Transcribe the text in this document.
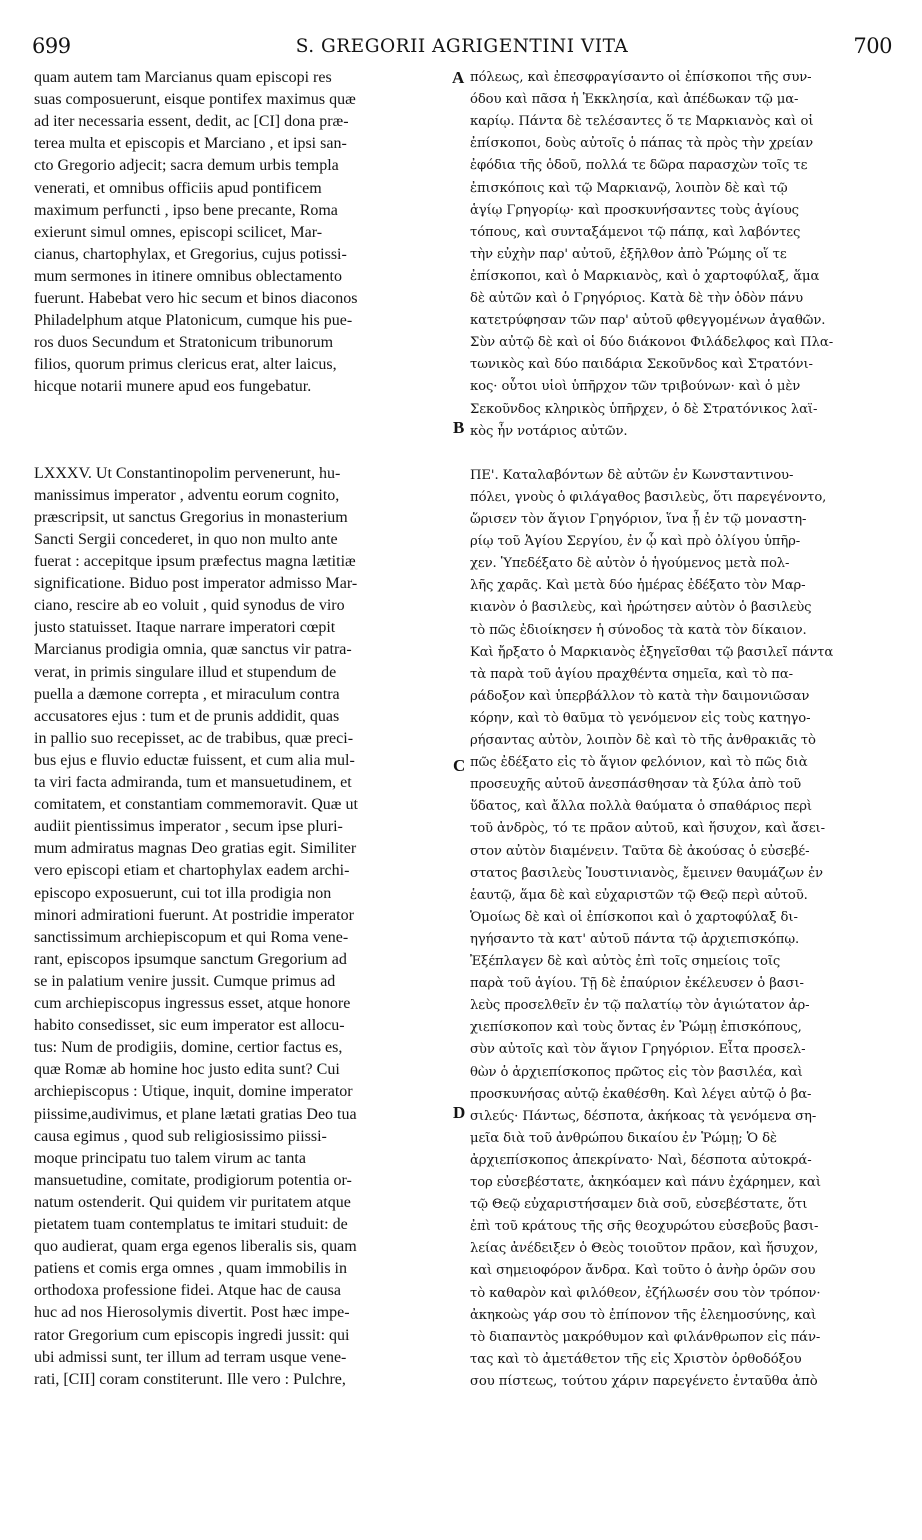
699	S. GREGORII AGRIGENTINI VITA	700
quam autem tam Marcianus quam episcopi res
suas composuerunt, eisque pontifex maximus quæ
ad iter necessaria essent, dedit, ac [CI] dona præ-
terea multa et episcopis et Marciano , et ipsi san-
cto Gregorio adjecit; sacra demum urbis templa
venerati, et omnibus officiis apud pontificem
maximum perfuncti , ipso bene precante, Roma
exierunt simul omnes, episcopi scilicet, Mar-
cianus, chartophylax, et Gregorius, cujus potissi-
mum sermones in itinere omnibus oblectamento
fuerunt. Habebat vero hic secum et binos diaconos
Philadelphum atque Platonicum, cumque his pue-
ros duos Secundum et Stratonicum tribunorum
filios, quorum primus clericus erat, alter laicus,
hicque notarii munere apud eos fungebatur.
LXXXV. Ut Constantinopolim pervenerunt, hu-
manissimus imperator , adventu eorum cognito,
præscripsit, ut sanctus Gregorius in monasterium
Sancti Sergii concederet, in quo non multo ante
fuerat : accepitque ipsum præfectus magna lætitiæ
significatione. Biduo post imperator admisso Mar-
ciano, rescire ab eo voluit , quid synodus de viro
justo statuisset. Itaque narrare imperatori cœpit
Marcianus prodigia omnia, quæ sanctus vir patra-
verat, in primis singulare illud et stupendum de
puella a dæmone correpta , et miraculum contra
accusatores ejus : tum et de prunis addidit, quas
in pallio suo recepisset, ac de trabibus, quæ preci-
bus ejus e fluvio eductæ fuissent, et cum alia mul-
ta viri facta admiranda, tum et mansuetudinem, et
comitatem, et constantiam commemoravit. Quæ ut
audiit pientissimus imperator , secum ipse pluri-
mum admiratus magnas Deo gratias egit. Similiter
vero episcopi etiam et chartophylax eadem archi-
episcopo exposuerunt, cui tot illa prodigia non
minori admirationi fuerunt. At postridie imperator
sanctissimum archiepiscopum et qui Roma vene-
rant, episcopos ipsumque sanctum Gregorium ad
se in palatium venire jussit. Cumque primus ad
cum archiepiscopus ingressus esset, atque honore
habito consedisset, sic eum imperator est allocu-
tus: Num de prodigiis, domine, certior factus es,
quæ Romæ ab homine hoc justo edita sunt? Cui
archiepiscopus : Utique, inquit, domine imperator
piissime,audivimus, et plane lætati gratias Deo tua
causa egimus , quod sub religiosissimo piissi-
moque principatu tuo talem virum ac tanta
mansuetudine, comitate, prodigiorum potentia or-
natum ostenderit. Qui quidem vir puritatem atque
pietatem tuam contemplatus te imitari studuit: de
quo audierat, quam erga egenos liberalis sis, quam
patiens et comis erga omnes , quam immobilis in
orthodoxa professione fidei. Atque hac de causa
huc ad nos Hierosolymis divertit. Post hæc impe-
rator Gregorium cum episcopis ingredi jussit: qui
ubi admissi sunt, ter illum ad terram usque vene-
rati, [CII] coram constiterunt. Ille vero : Pulchre,
πόλεως, καὶ ἐπεσφραγίσαντο οἱ ἐπίσκοποι τῆς συν-
όδου καὶ πᾶσα ἡ Ἐκκλησία, καὶ ἀπέδωκαν τῷ μα-
καρίῳ. Πάντα δὲ τελέσαντες ὅ τε Μαρκιανὸς καὶ οἱ
ἐπίσκοποι, δοὺς αὐτοῖς ὁ πάπας τὰ πρὸς τὴν χρείαν
ἐφόδια τῆς ὁδοῦ, πολλά τε δῶρα παρασχὼν τοῖς τε
ἐπισκόποις καὶ τῷ Μαρκιανῷ, λοιπὸν δὲ καὶ τῷ
ἁγίῳ Γρηγορίῳ· καὶ προσκυνήσαντες τοὺς ἁγίους
τόπους, καὶ συνταξάμενοι τῷ πάπᾳ, καὶ λαβόντες
τὴν εὐχὴν παρ' αὐτοῦ, ἐξῆλθον ἀπὸ Ῥώμης οἵ τε
ἐπίσκοποι, καὶ ὁ Μαρκιανὸς, καὶ ὁ χαρτοφύλαξ, ἅμα
δὲ αὐτῶν καὶ ὁ Γρηγόριος. Κατὰ δὲ τὴν ὁδὸν πάνυ
κατετρύφησαν τῶν παρ' αὐτοῦ φθεγγομένων ἀγαθῶν.
Σὺν αὐτῷ δὲ καὶ οἱ δύο διάκονοι Φιλάδελφος καὶ Πλα-
τωνικὸς καὶ δύο παιδάρια Σεκοῦνδος καὶ Στρατόνι-
κος· οὗτοι υἱοὶ ὑπῆρχον τῶν τριβούνων· καὶ ὁ μὲν
Σεκοῦνδος κληρικὸς ὑπῆρχεν, ὁ δὲ Στρατόνικος λαϊ-
κὸς ἦν νοτάριος αὐτῶν.
ΠΕ'. Καταλαβόντων δὲ αὐτῶν ἐν Κωνσταντινου-
πόλει, γνοὺς ὁ φιλάγαθος βασιλεὺς, ὅτι παρεγένοντο,
ὥρισεν τὸν ἅγιον Γρηγόριον, ἵνα ᾖ ἐν τῷ μοναστη-
ρίῳ τοῦ Ἁγίου Σεργίου, ἐν ᾧ καὶ πρὸ ὀλίγου ὑπῆρ-
χεν. Ὑπεδέξατο δὲ αὐτὸν ὁ ἡγούμενος μετὰ πολ-
λῆς χαρᾶς. Καὶ μετὰ δύο ἡμέρας ἐδέξατο τὸν Μαρ-
κιανὸν ὁ βασιλεὺς, καὶ ἠρώτησεν αὐτὸν ὁ βασιλεὺς
τὸ πῶς ἐδιοίκησεν ἡ σύνοδος τὰ κατὰ τὸν δίκαιον.
Καὶ ἤρξατο ὁ Μαρκιανὸς ἐξηγεῖσθαι τῷ βασιλεῖ πάντα
τὰ παρὰ τοῦ ἁγίου πραχθέντα σημεῖα, καὶ τὸ πα-
ράδοξον καὶ ὑπερβάλλον τὸ κατὰ τὴν δαιμονιῶσαν
κόρην, καὶ τὸ θαῦμα τὸ γενόμενον εἰς τοὺς κατηγο-
ρήσαντας αὐτὸν, λοιπὸν δὲ καὶ τὸ τῆς ἀνθρακιᾶς τὸ
πῶς ἐδέξατο εἰς τὸ ἅγιον φελόνιον, καὶ τὸ πῶς διὰ
προσευχῆς αὐτοῦ ἀνεσπάσθησαν τὰ ξύλα ἀπὸ τοῦ
ὕδατος, καὶ ἄλλα πολλὰ θαύματα ὁ σπαθάριος περὶ
τοῦ ἀνδρὸς, τό τε πρᾶον αὐτοῦ, καὶ ἥσυχον, καὶ ἄσει-
στον αὐτὸν διαμένειν. Ταῦτα δὲ ἀκούσας ὁ εὐσεβέ-
στατος βασιλεὺς Ἰουστινιανὸς, ἔμεινεν θαυμάζων ἐν
ἑαυτῷ, ἅμα δὲ καὶ εὐχαριστῶν τῷ Θεῷ περὶ αὐτοῦ.
Ὁμοίως δὲ καὶ οἱ ἐπίσκοποι καὶ ὁ χαρτοφύλαξ δι-
ηγήσαντο τὰ κατ' αὐτοῦ πάντα τῷ ἀρχιεπισκόπῳ.
Ἐξέπλαγεν δὲ καὶ αὐτὸς ἐπὶ τοῖς σημείοις τοῖς
παρὰ τοῦ ἁγίου. Τῇ δὲ ἐπαύριον ἐκέλευσεν ὁ βασι-
λεὺς προσελθεῖν ἐν τῷ παλατίῳ τὸν ἁγιώτατον ἀρ-
χιεπίσκοπον καὶ τοὺς ὄντας ἐν Ῥώμῃ ἐπισκόπους,
σὺν αὐτοῖς καὶ τὸν ἅγιον Γρηγόριον. Εἶτα προσελ-
θὼν ὁ ἀρχιεπίσκοπος πρῶτος εἰς τὸν βασιλέα, καὶ
προσκυνήσας αὐτῷ ἐκαθέσθη. Καὶ λέγει αὐτῷ ὁ βα-
σιλεύς· Πάντως, δέσποτα, ἀκήκοας τὰ γενόμενα ση-
μεῖα διὰ τοῦ ἀνθρώπου δικαίου ἐν Ῥώμῃ; Ὁ δὲ
ἀρχιεπίσκοπος ἀπεκρίνατο· Ναὶ, δέσποτα αὐτοκρά-
τορ εὐσεβέστατε, ἀκηκόαμεν καὶ πάνυ ἐχάρημεν, καὶ
τῷ Θεῷ εὐχαριστήσαμεν διὰ σοῦ, εὐσεβέστατε, ὅτι
ἐπὶ τοῦ κράτους τῆς σῆς θεοχυρώτου εὐσεβοῦς βασι-
λείας ἀνέδειξεν ὁ Θεὸς τοιοῦτον πρᾶον, καὶ ἥσυχον,
καὶ σημειοφόρον ἄνδρα. Καὶ τοῦτο ὁ ἀνὴρ ὁρῶν σου
τὸ καθαρὸν καὶ φιλόθεον, ἐζήλωσέν σου τὸν τρόπον·
ἀκηκοὼς γάρ σου τὸ ἐπίπονον τῆς ἐλεημοσύνης, καὶ
τὸ διαπαντὸς μακρόθυμον καὶ φιλάνθρωπον εἰς πάν-
τας καὶ τὸ ἀμετάθετον τῆς εἰς Χριστὸν ὀρθοδόξου
σου πίστεως, τούτου χάριν παρεγένετο ἐνταῦθα ἀπὸ
A
B
C
D
